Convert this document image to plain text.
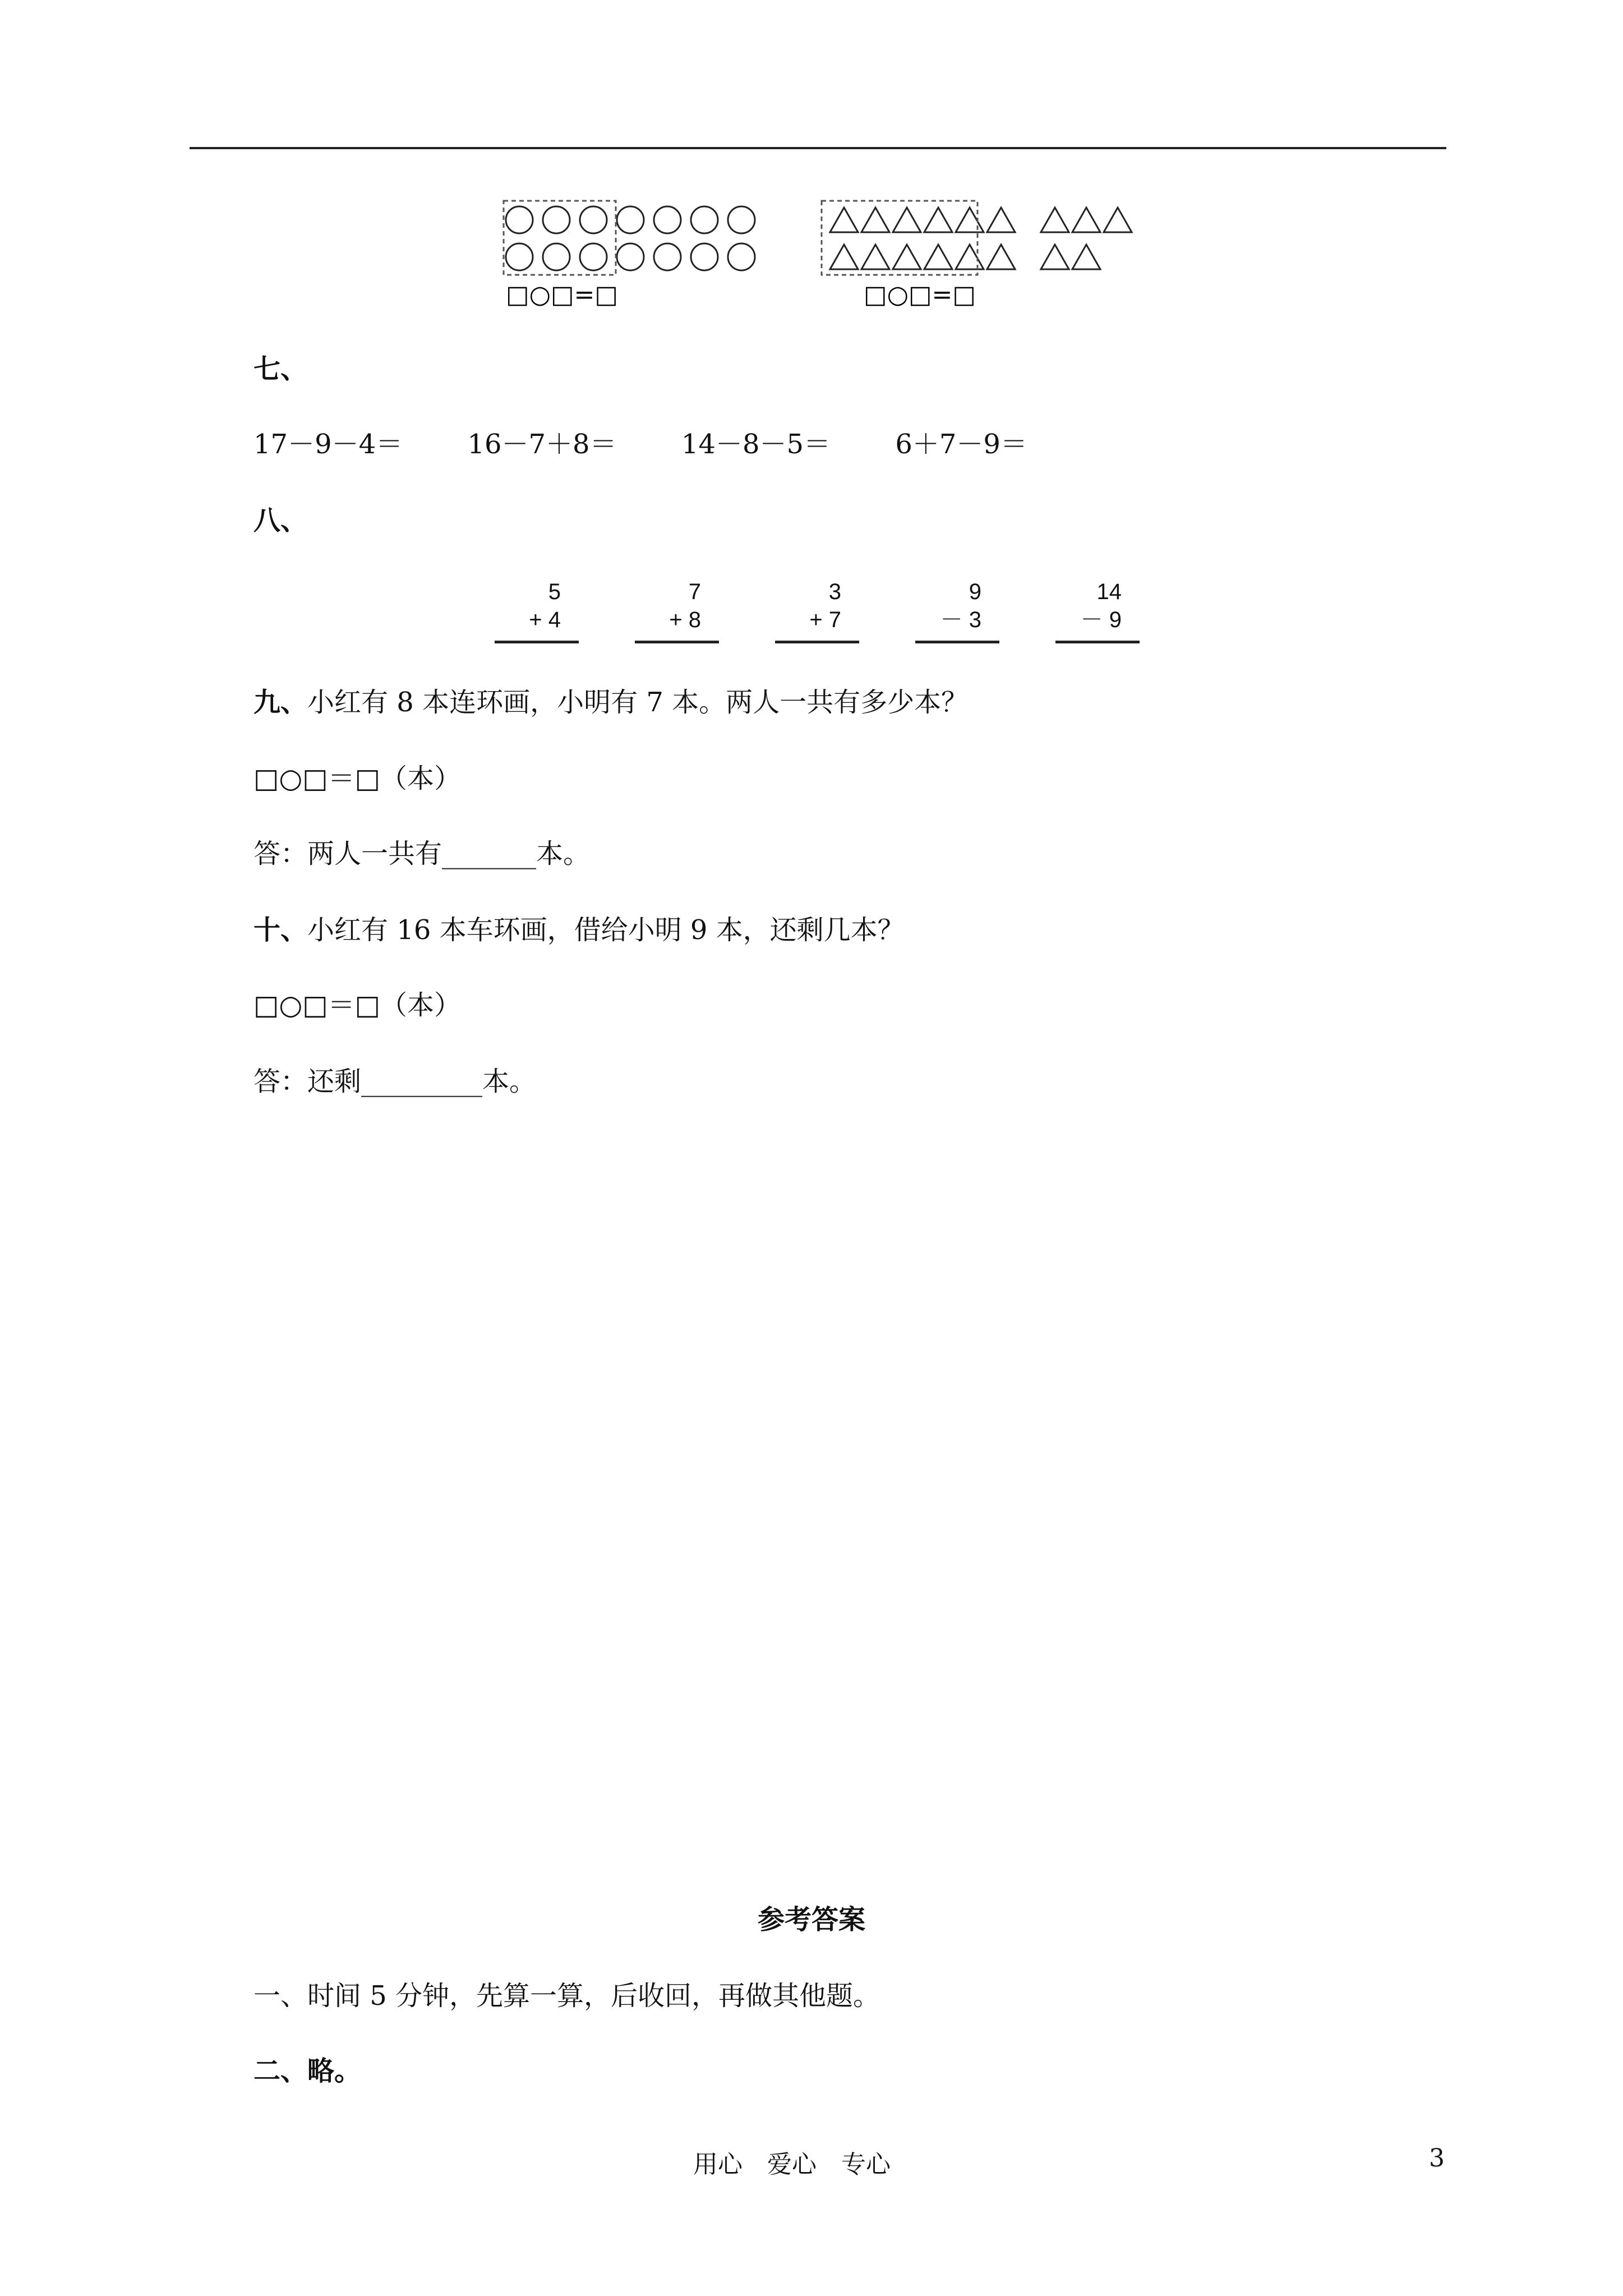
□○□=□	□○□=□
七、
17－9－4＝ 16－7＋8＝ 14－8－5＝ 6＋7－9＝
八、
5
+ 4
7
+ 8
3
+ 7
9
－ 3
14
－ 9
九、小红有 8 本连环画，小明有 7 本。两人一共有多少本？
□○□＝□（本）
答：两人一共有_______本。
十、小红有 16 本车环画，借给小明 9 本，还剩几本？
□○□＝□（本）
答：还剩_________本。
参考答案
一、时间 5 分钟，先算一算，后收回，再做其他题。
二、略。
用心　爱心　专心	3
